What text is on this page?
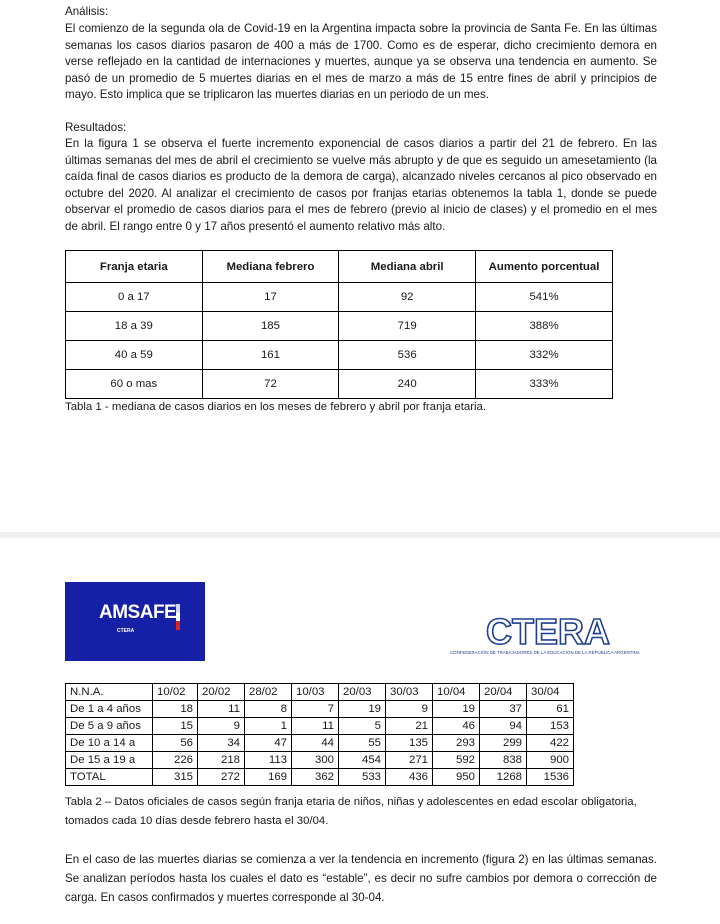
Análisis:
El comienzo de la segunda ola de Covid-19 en la Argentina impacta sobre la provincia de Santa Fe. En las últimas semanas los casos diarios pasaron de 400 a más de 1700. Como es de esperar, dicho crecimiento demora en verse reflejado en la cantidad de internaciones y muertes, aunque ya se observa una tendencia en aumento. Se pasó de un promedio de 5 muertes diarias en el mes de marzo a más de 15 entre fines de abril y principios de mayo. Esto implica que se triplicaron las muertes diarias en un periodo de un mes.
Resultados:
En la figura 1 se observa el fuerte incremento exponencial de casos diarios a partir del 21 de febrero. En las últimas semanas del mes de abril el crecimiento se vuelve más abrupto y de que es seguido un amesetamiento (la caída final de casos diarios es producto de la demora de carga), alcanzado niveles cercanos al pico observado en octubre del 2020. Al analizar el crecimiento de casos por franjas etarias obtenemos la tabla 1, donde se puede observar el promedio de casos diarios para el mes de febrero (previo al inicio de clases) y el promedio en el mes de abril. El rango entre 0 y 17 años presentó el aumento relativo más alto.
Franja etaria	Mediana febrero	Mediana abril	Aumento porcentual
0 a 17	17	92	541%
18 a 39	185	719	388%
40 a 59	161	536	332%
60 o mas	72	240	333%
Tabla 1 - mediana de casos diarios en los meses de febrero y abril por franja etaria.
AMSAFE
CTERA	CTERA
CONFEDERACIÓN DE TRABAJADORES DE LA EDUCACIÓN DE LA REPÚBLICA ARGENTINA
N.N.A.	10/02	20/02	28/02	10/03	20/03	30/03	10/04	20/04	30/04
De 1 a 4 años	18	11	8	7	19	9	19	37	61
De 5 a 9 años	15	9	1	11	5	21	46	94	153
De 10 a 14 a	56	34	47	44	55	135	293	299	422
De 15 a 19 a	226	218	113	300	454	271	592	838	900
TOTAL	315	272	169	362	533	436	950	1268	1536
Tabla 2 – Datos oficiales de casos según franja etaria de niños, niñas y adolescentes en edad escolar obligatoria, tomados cada 10 días desde febrero hasta el 30/04.
En el caso de las muertes diarias se comienza a ver la tendencia en incremento (figura 2) en las últimas semanas. Se analizan períodos hasta los cuales el dato es “estable”, es decir no sufre cambios por demora o corrección de carga. En casos confirmados y muertes corresponde al 30-04.
